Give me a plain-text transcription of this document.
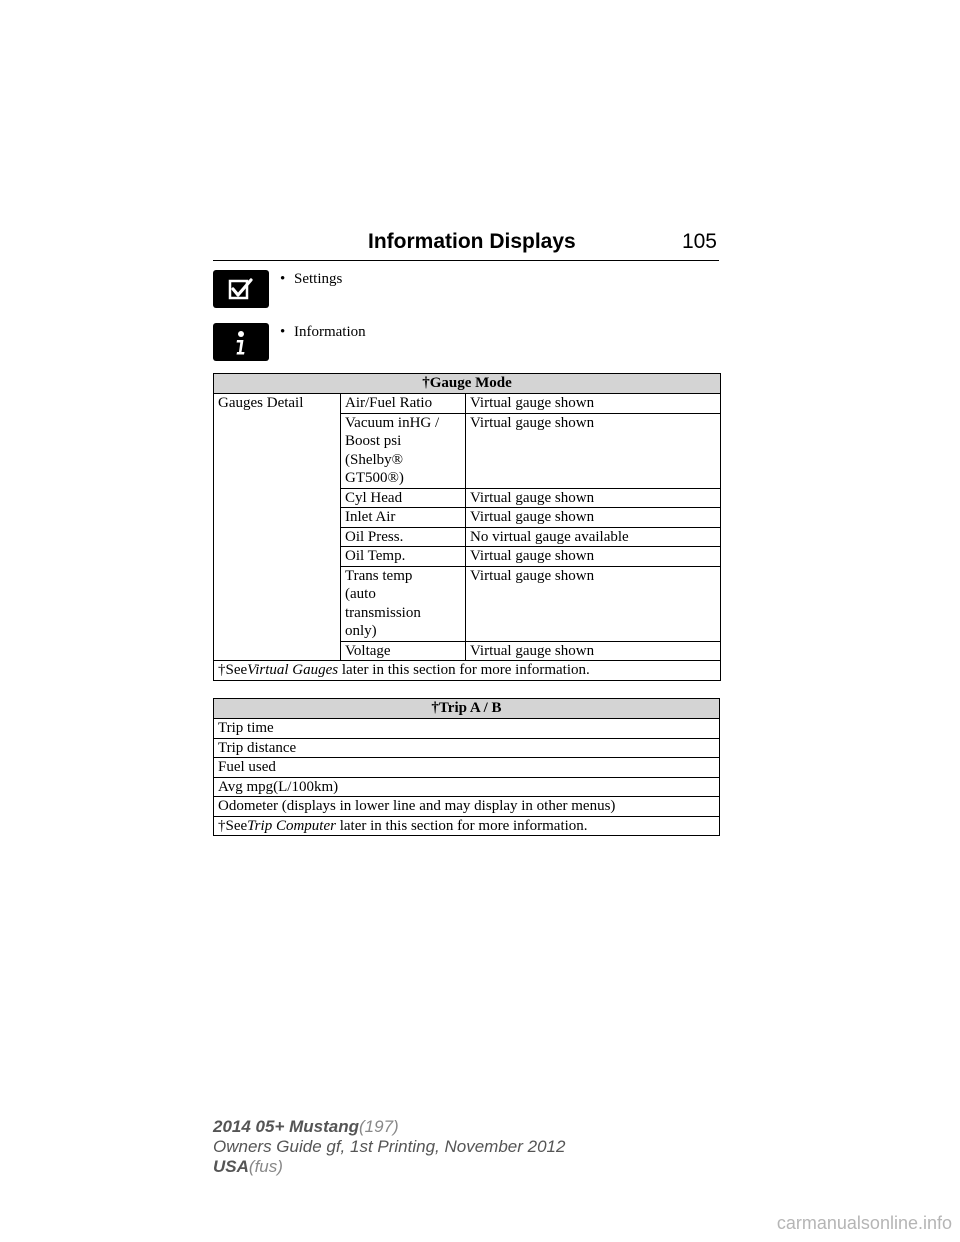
Information Displays	105
• Settings
• Information
†Gauge Mode		
Gauges Detail	Air/Fuel Ratio	Virtual gauge shown
	Vacuum inHG /
Boost psi
(Shelby®
GT500®)	Virtual gauge shown
	Cyl Head	Virtual gauge shown
	Inlet Air	Virtual gauge shown
	Oil Press.	No virtual gauge available
	Oil Temp.	Virtual gauge shown
	Trans temp
(auto
transmission
only)	Virtual gauge shown
	Voltage	Virtual gauge shown
†SeeVirtual Gauges later in this section for more information.		
†Trip A / B
Trip time
Trip distance
Fuel used
Avg mpg(L/100km)
Odometer (displays in lower line and may display in other menus)
†SeeTrip Computer later in this section for more information.
2014 05+ Mustang(197)
Owners Guide gf, 1st Printing, November 2012
USA(fus)
carmanualsonline.info
